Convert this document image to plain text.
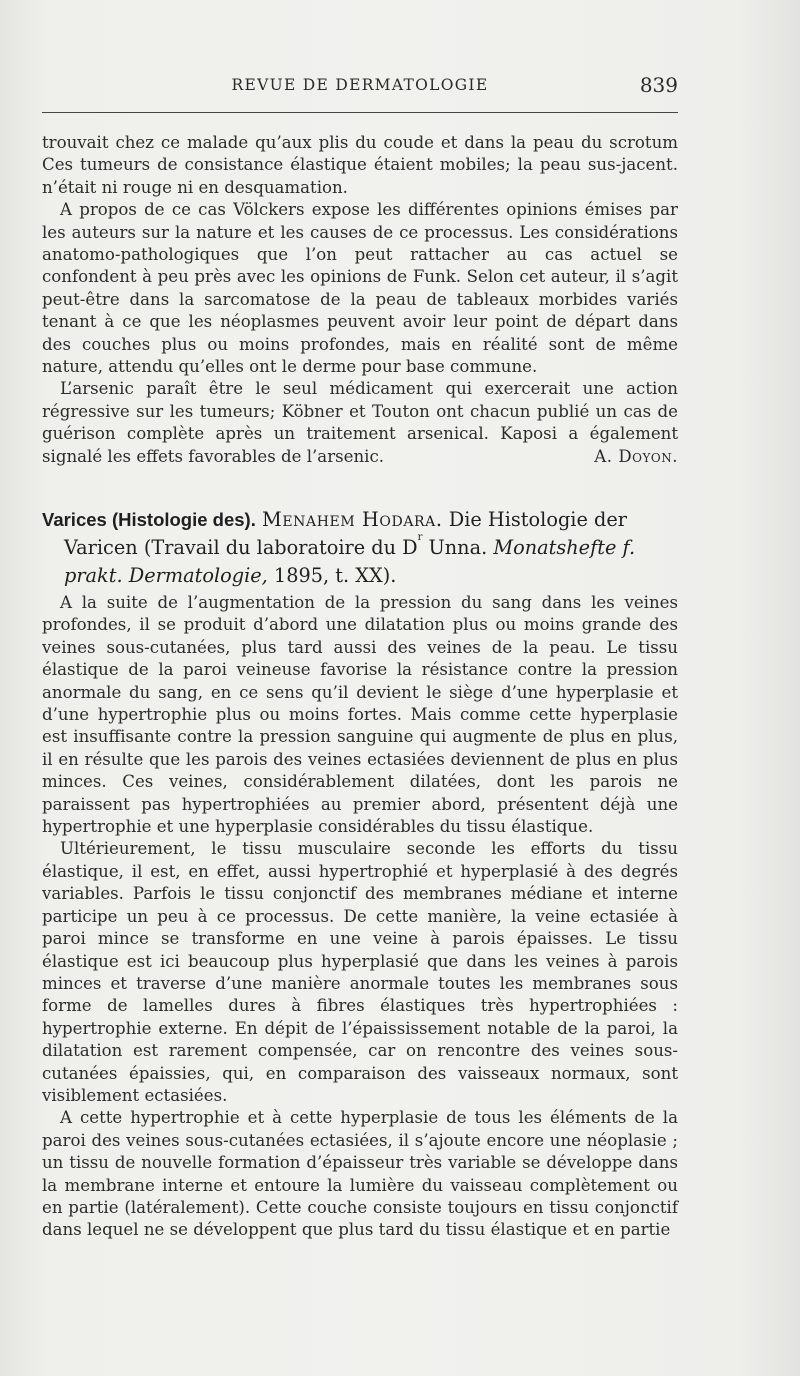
REVUE DE DERMATOLOGIE	839

trouvait chez ce malade qu’aux plis du coude et dans la peau du scrotum Ces tumeurs de consistance élastique étaient mobiles; la peau sus-jacent. n’était ni rouge ni en desquamation.

A propos de ce cas Völckers expose les différentes opinions émises par les auteurs sur la nature et les causes de ce processus. Les considérations anatomo-pathologiques que l’on peut rattacher au cas actuel se confondent à peu près avec les opinions de Funk. Selon cet auteur, il s’agit peut-être dans la sarcomatose de la peau de tableaux morbides variés tenant à ce que les néoplasmes peuvent avoir leur point de départ dans des couches plus ou moins profondes, mais en réalité sont de même nature, attendu qu’elles ont le derme pour base commune.

L’arsenic paraît être le seul médicament qui exercerait une action régressive sur les tumeurs; Köbner et Touton ont chacun publié un cas de guérison complète après un traitement arsenical. Kaposi a également signalé les effets favorables de l’arsenic.	A. Doyon.

Varices (Histologie des). Menahem Hodara. Die Histologie der Varicen (Travail du laboratoire du $D^r$ Unna. Monatshefte f. prakt. Dermatologie, 1895, t. XX).

A la suite de l’augmentation de la pression du sang dans les veines profondes, il se produit d’abord une dilatation plus ou moins grande des veines sous-cutanées, plus tard aussi des veines de la peau. Le tissu élastique de la paroi veineuse favorise la résistance contre la pression anormale du sang, en ce sens qu’il devient le siège d’une hyperplasie et d’une hypertrophie plus ou moins fortes. Mais comme cette hyperplasie est insuffisante contre la pression sanguine qui augmente de plus en plus, il en résulte que les parois des veines ectasiées deviennent de plus en plus minces. Ces veines, considérablement dilatées, dont les parois ne paraissent pas hypertrophiées au premier abord, présentent déjà une hypertrophie et une hyperplasie considérables du tissu élastique.

Ultérieurement, le tissu musculaire seconde les efforts du tissu élastique, il est, en effet, aussi hypertrophié et hyperplasié à des degrés variables. Parfois le tissu conjonctif des membranes médiane et interne participe un peu à ce processus. De cette manière, la veine ectasiée à paroi mince se transforme en une veine à parois épaisses. Le tissu élastique est ici beaucoup plus hyperplasié que dans les veines à parois minces et traverse d’une manière anormale toutes les membranes sous forme de lamelles dures à fibres élastiques très hypertrophiées : hypertrophie externe. En dépit de l’épaississement notable de la paroi, la dilatation est rarement compensée, car on rencontre des veines sous-cutanées épaissies, qui, en comparaison des vaisseaux normaux, sont visiblement ectasiées.

A cette hypertrophie et à cette hyperplasie de tous les éléments de la paroi des veines sous-cutanées ectasiées, il s’ajoute encore une néoplasie ; un tissu de nouvelle formation d’épaisseur très variable se développe dans la membrane interne et entoure la lumière du vaisseau complètement ou en partie (latéralement). Cette couche consiste toujours en tissu conjonctif dans lequel ne se développent que plus tard du tissu élastique et en partie
